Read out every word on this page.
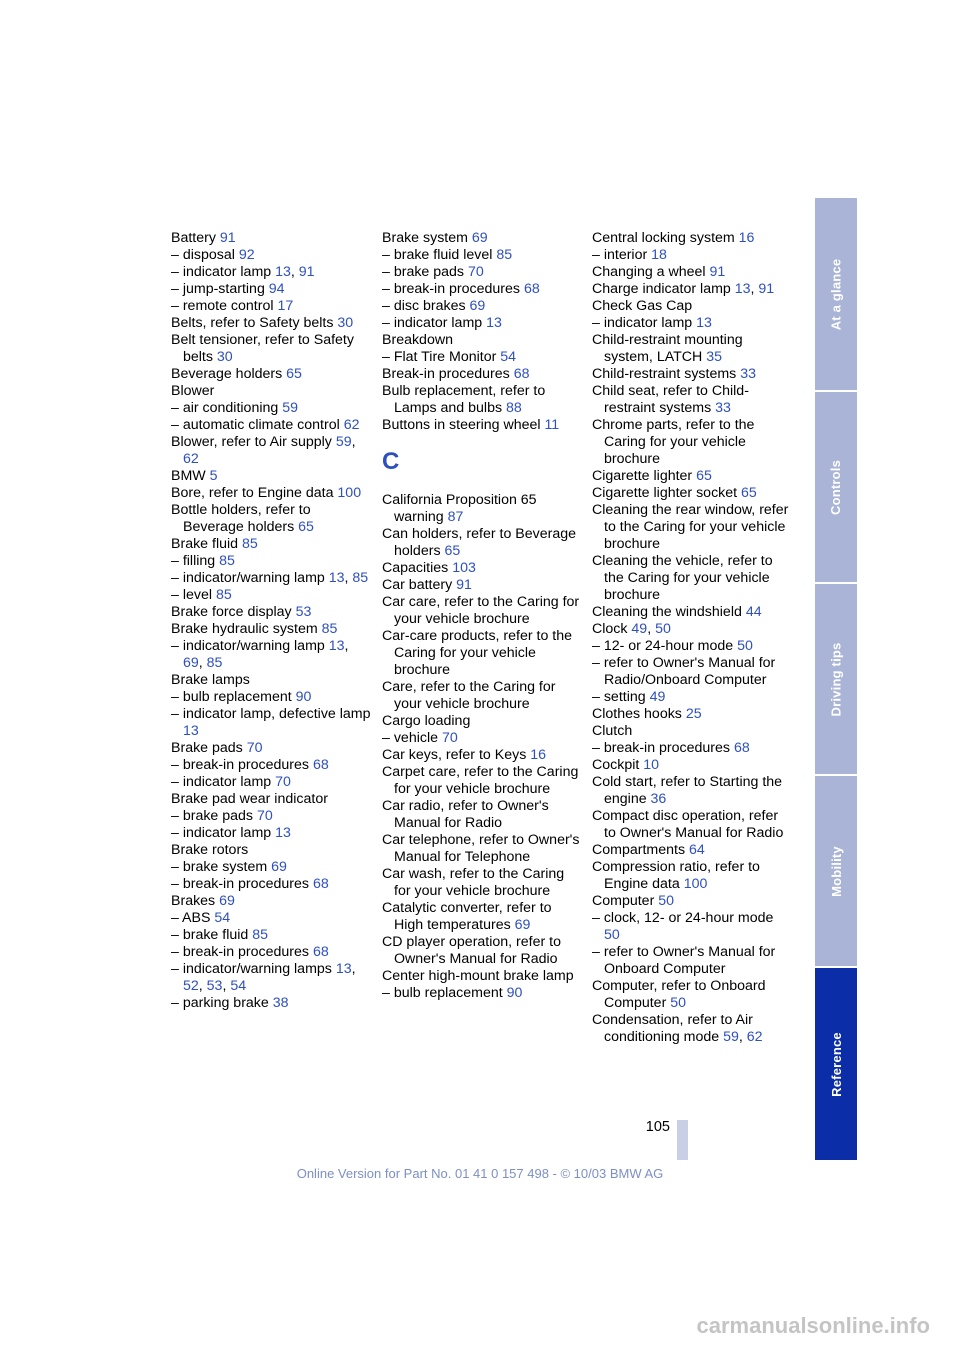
Battery 91
– disposal 92
– indicator lamp 13, 91
– jump-starting 94
– remote control 17
Belts, refer to Safety belts 30
Belt tensioner, refer to Safety belts 30
Beverage holders 65
Blower
– air conditioning 59
– automatic climate control 62
Blower, refer to Air supply 59, 62
BMW 5
Bore, refer to Engine data 100
Bottle holders, refer to Beverage holders 65
Brake fluid 85
– filling 85
– indicator/warning lamp 13, 85
– level 85
Brake force display 53
Brake hydraulic system 85
– indicator/warning lamp 13, 69, 85
Brake lamps
– bulb replacement 90
– indicator lamp, defective lamp 13
Brake pads 70
– break-in procedures 68
– indicator lamp 70
Brake pad wear indicator
– brake pads 70
– indicator lamp 13
Brake rotors
– brake system 69
– break-in procedures 68
Brakes 69
– ABS 54
– brake fluid 85
– break-in procedures 68
– indicator/warning lamps 13, 52, 53, 54
– parking brake 38
Brake system 69
– brake fluid level 85
– brake pads 70
– break-in procedures 68
– disc brakes 69
– indicator lamp 13
Breakdown
– Flat Tire Monitor 54
Break-in procedures 68
Bulb replacement, refer to Lamps and bulbs 88
Buttons in steering wheel 11
C
California Proposition 65 warning 87
Can holders, refer to Beverage holders 65
Capacities 103
Car battery 91
Car care, refer to the Caring for your vehicle brochure
Car-care products, refer to the Caring for your vehicle brochure
Care, refer to the Caring for your vehicle brochure
Cargo loading
– vehicle 70
Car keys, refer to Keys 16
Carpet care, refer to the Caring for your vehicle brochure
Car radio, refer to Owner's Manual for Radio
Car telephone, refer to Owner's Manual for Telephone
Car wash, refer to the Caring for your vehicle brochure
Catalytic converter, refer to High temperatures 69
CD player operation, refer to Owner's Manual for Radio
Center high-mount brake lamp
– bulb replacement 90
Central locking system 16
– interior 18
Changing a wheel 91
Charge indicator lamp 13, 91
Check Gas Cap
– indicator lamp 13
Child-restraint mounting system, LATCH 35
Child-restraint systems 33
Child seat, refer to Child-restraint systems 33
Chrome parts, refer to the Caring for your vehicle brochure
Cigarette lighter 65
Cigarette lighter socket 65
Cleaning the rear window, refer to the Caring for your vehicle brochure
Cleaning the vehicle, refer to the Caring for your vehicle brochure
Cleaning the windshield 44
Clock 49, 50
– 12- or 24-hour mode 50
– refer to Owner's Manual for Radio/Onboard Computer
– setting 49
Clothes hooks 25
Clutch
– break-in procedures 68
Cockpit 10
Cold start, refer to Starting the engine 36
Compact disc operation, refer to Owner's Manual for Radio
Compartments 64
Compression ratio, refer to Engine data 100
Computer 50
– clock, 12- or 24-hour mode 50
– refer to Owner's Manual for Onboard Computer
Computer, refer to Onboard Computer 50
Condensation, refer to Air conditioning mode 59, 62
At a glance
Controls
Driving tips
Mobility
Reference
105
Online Version for Part No. 01 41 0 157 498 - © 10/03 BMW AG
carmanualsonline.info
